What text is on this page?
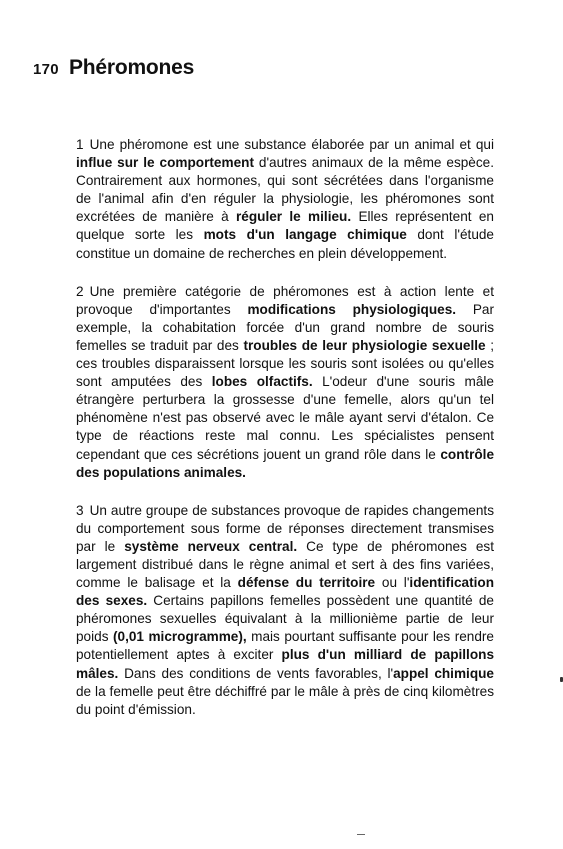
170 Phéromones

1 Une phéromone est une substance élaborée par un animal et qui influe sur le comportement d'autres animaux de la même espèce. Contrairement aux hormones, qui sont sécrétées dans l'organisme de l'animal afin d'en réguler la physiologie, les phéromones sont excrétées de manière à réguler le milieu. Elles représentent en quelque sorte les mots d'un langage chimique dont l'étude constitue un domaine de recherches en plein développement.

2 Une première catégorie de phéromones est à action lente et provoque d'importantes modifications physiologiques. Par exemple, la cohabitation forcée d'un grand nombre de souris femelles se traduit par des troubles de leur physiologie sexuelle ; ces troubles disparaissent lorsque les souris sont isolées ou qu'elles sont amputées des lobes olfactifs. L'odeur d'une souris mâle étrangère perturbera la grossesse d'une femelle, alors qu'un tel phénomène n'est pas observé avec le mâle ayant servi d'étalon. Ce type de réactions reste mal connu. Les spécialistes pensent cependant que ces sécrétions jouent un grand rôle dans le contrôle des populations animales.

3 Un autre groupe de substances provoque de rapides changements du comportement sous forme de réponses directement transmises par le système nerveux central. Ce type de phéromones est largement distribué dans le règne animal et sert à des fins variées, comme le balisage et la défense du territoire ou l'identification des sexes. Certains papillons femelles possèdent une quantité de phéromones sexuelles équivalant à la millionième partie de leur poids (0,01 microgramme), mais pourtant suffisante pour les rendre potentiellement aptes à exciter plus d'un milliard de papillons mâles. Dans des conditions de vents favorables, l'appel chimique de la femelle peut être déchiffré par le mâle à près de cinq kilomètres du point d'émission.
